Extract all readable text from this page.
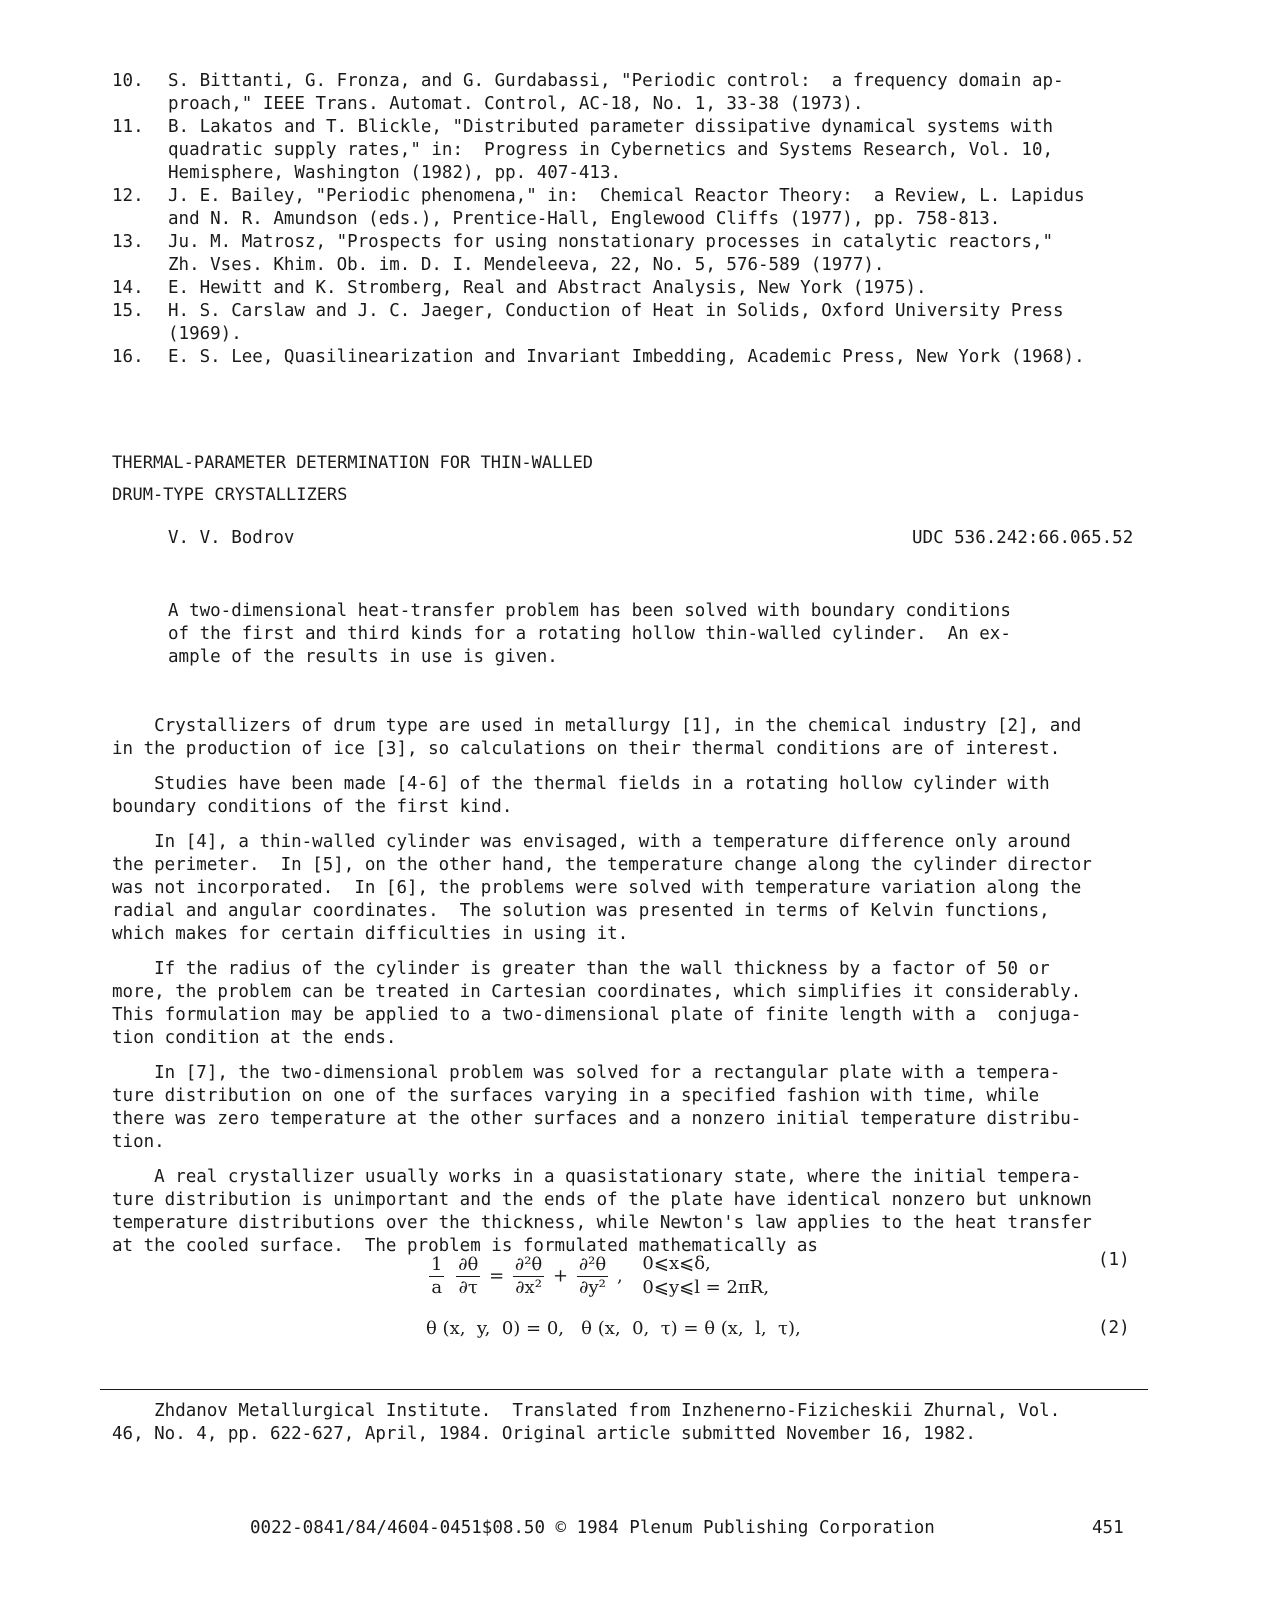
10.	S. Bittanti, G. Fronza, and G. Gurdabassi, "Periodic control:  a frequency domain ap-
proach," IEEE Trans. Automat. Control, AC-18, No. 1, 33-38 (1973).
11.	B. Lakatos and T. Blickle, "Distributed parameter dissipative dynamical systems with
quadratic supply rates," in:  Progress in Cybernetics and Systems Research, Vol. 10,
Hemisphere, Washington (1982), pp. 407-413.
12.	J. E. Bailey, "Periodic phenomena," in:  Chemical Reactor Theory:  a Review, L. Lapidus
and N. R. Amundson (eds.), Prentice-Hall, Englewood Cliffs (1977), pp. 758-813.
13.	Ju. M. Matrosz, "Prospects for using nonstationary processes in catalytic reactors,"
Zh. Vses. Khim. Ob. im. D. I. Mendeleeva, 22, No. 5, 576-589 (1977).
14.	E. Hewitt and K. Stromberg, Real and Abstract Analysis, New York (1975).
15.	H. S. Carslaw and J. C. Jaeger, Conduction of Heat in Solids, Oxford University Press
(1969).
16.	E. S. Lee, Quasilinearization and Invariant Imbedding, Academic Press, New York (1968).
THERMAL-PARAMETER DETERMINATION FOR THIN-WALLED
DRUM-TYPE CRYSTALLIZERS
V. V. Bodrov	UDC 536.242:66.065.52
A two-dimensional heat-transfer problem has been solved with boundary conditions
of the first and third kinds for a rotating hollow thin-walled cylinder.  An ex-
ample of the results in use is given.
Crystallizers of drum type are used in metallurgy [1], in the chemical industry [2], and
in the production of ice [3], so calculations on their thermal conditions are of interest.
Studies have been made [4-6] of the thermal fields in a rotating hollow cylinder with
boundary conditions of the first kind.
In [4], a thin-walled cylinder was envisaged, with a temperature difference only around
the perimeter.  In [5], on the other hand, the temperature change along the cylinder director
was not incorporated.  In [6], the problems were solved with temperature variation along the
radial and angular coordinates.  The solution was presented in terms of Kelvin functions,
which makes for certain difficulties in using it.
If the radius of the cylinder is greater than the wall thickness by a factor of 50 or
more, the problem can be treated in Cartesian coordinates, which simplifies it considerably.
This formulation may be applied to a two-dimensional plate of finite length with a  conjuga-
tion condition at the ends.
In [7], the two-dimensional problem was solved for a rectangular plate with a tempera-
ture distribution on one of the surfaces varying in a specified fashion with time, while
there was zero temperature at the other surfaces and a nonzero initial temperature distribu-
tion.
A real crystallizer usually works in a quasistationary state, where the initial tempera-
ture distribution is unimportant and the ends of the plate have identical nonzero but unknown
temperature distributions over the thickness, while Newton's law applies to the heat transfer
at the cooled surface.  The problem is formulated mathematically as
$\frac{1}{a}$
$\frac{\partial\theta}{\partial\tau} = \frac{\text{∂²θ}}{\text{∂x²}} + \frac{\text{∂²θ}}{\text{∂y²}}$ ,
0⩽x⩽δ,
0⩽y⩽l = 2πR,
(1)
θ (x,  y,  0) = 0,   θ (x,  0,  τ) = θ (x,  l,  τ),	(2)
Zhdanov Metallurgical Institute.  Translated from Inzhenerno-Fizicheskii Zhurnal, Vol.
46, No. 4, pp. 622-627, April, 1984. Original article submitted November 16, 1982.
0022-0841/84/4604-0451$08.50 © 1984 Plenum Publishing Corporation	451
